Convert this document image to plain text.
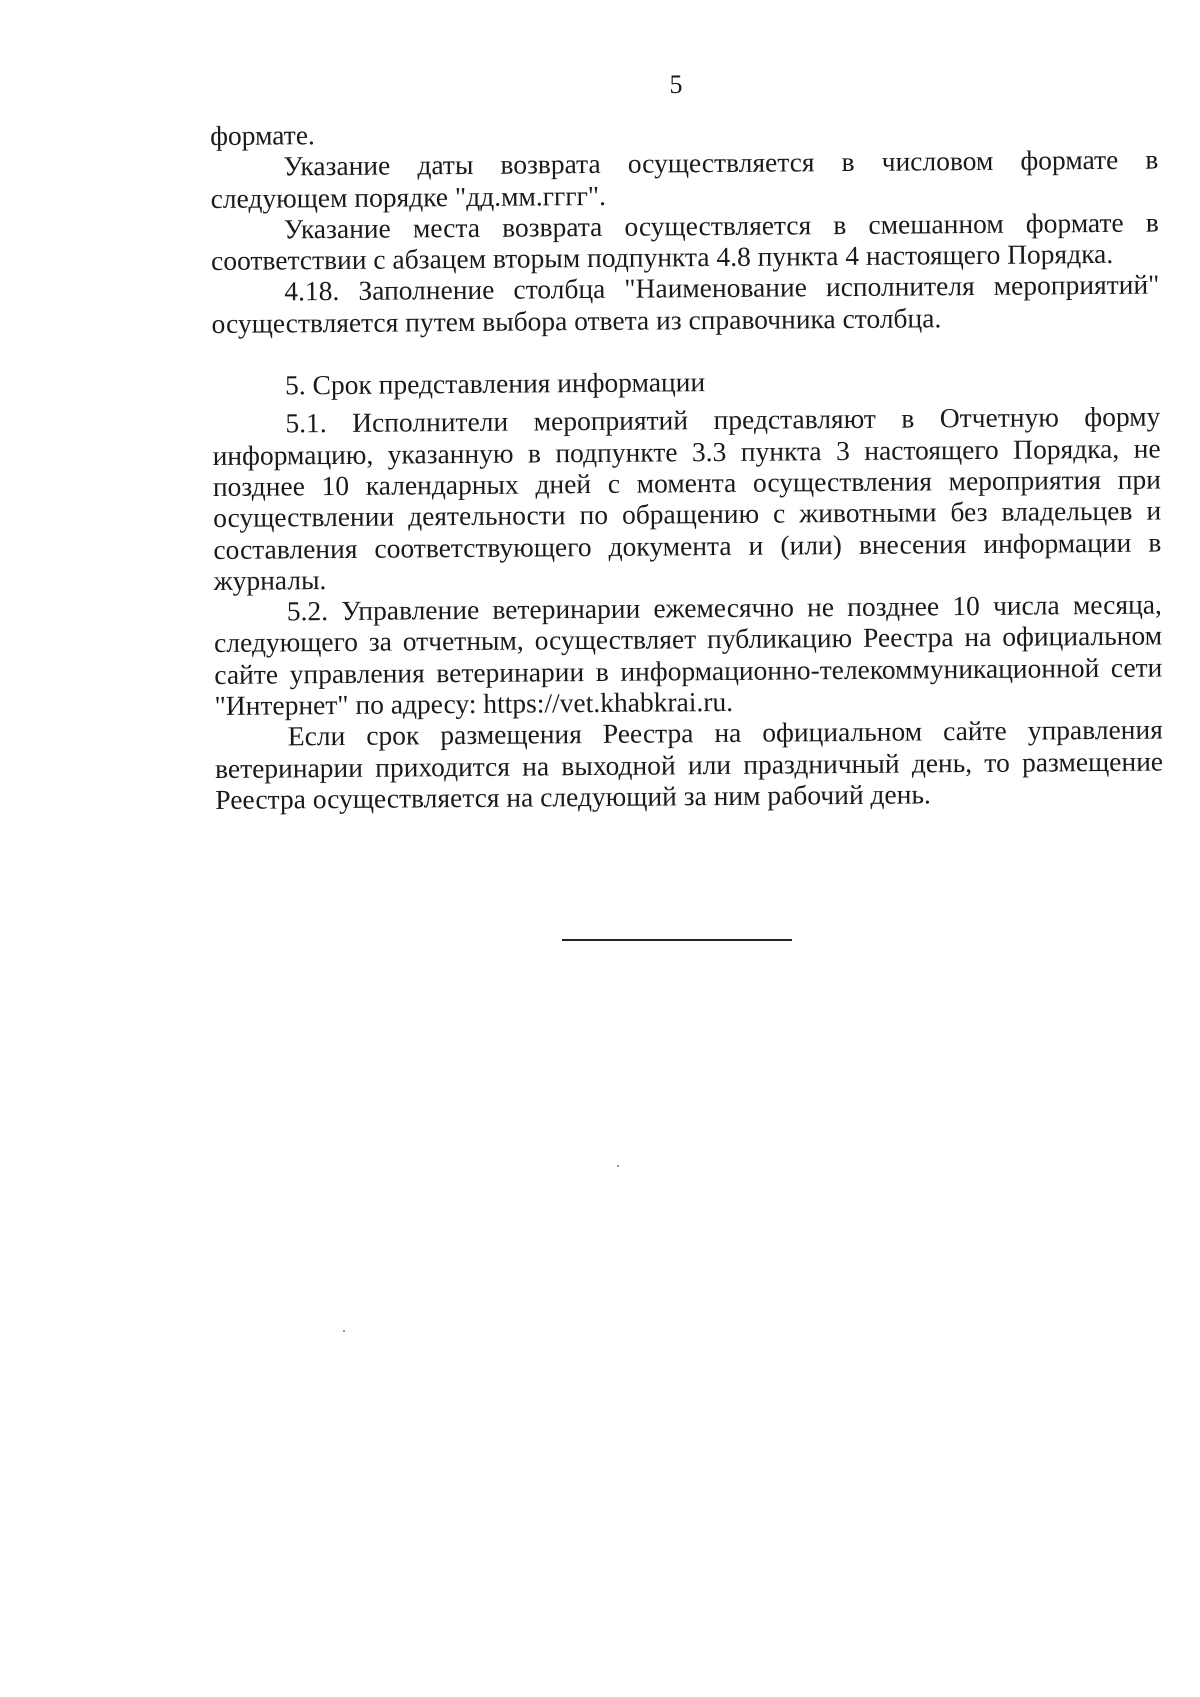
5

формате.

Указание даты возврата осуществляется в числовом формате в следующем порядке "дд.мм.гггг".

Указание места возврата осуществляется в смешанном формате в соответствии с абзацем вторым подпункта 4.8 пункта 4 настоящего Порядка.

4.18. Заполнение столбца "Наименование исполнителя мероприятий" осуществляется путем выбора ответа из справочника столбца.

5. Срок представления информации

5.1. Исполнители мероприятий представляют в Отчетную форму информацию, указанную в подпункте 3.3 пункта 3 настоящего Порядка, не позднее 10 календарных дней с момента осуществления мероприятия при осуществлении деятельности по обращению с животными без владельцев и составления соответствующего документа и (или) внесения информации в журналы.

5.2. Управление ветеринарии ежемесячно не позднее 10 числа месяца, следующего за отчетным, осуществляет публикацию Реестра на официальном сайте управления ветеринарии в информационно-телекоммуникационной сети "Интернет" по адресу: https://vet.khabkrai.ru.

Если срок размещения Реестра на официальном сайте управления ветеринарии приходится на выходной или праздничный день, то размещение Реестра осуществляется на следующий за ним рабочий день.
